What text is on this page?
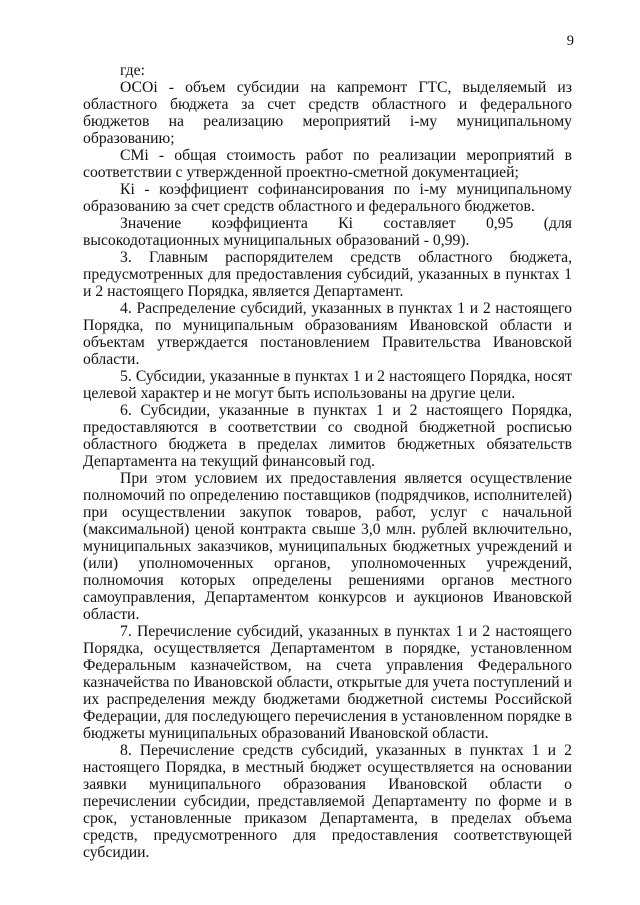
9

где:

ОСОi - объем субсидии на капремонт ГТС, выделяемый из областного бюджета за счет средств областного и федерального бюджетов на реализацию мероприятий i-му муниципальному образованию;

СМi - общая стоимость работ по реализации мероприятий в соответствии с утвержденной проектно-сметной документацией;

Кi - коэффициент софинансирования по i-му муниципальному образованию за счет средств областного и федерального бюджетов.

Значение коэффициента Кi составляет 0,95 (для высокодотационных муниципальных образований - 0,99).

3. Главным распорядителем средств областного бюджета, предусмотренных для предоставления субсидий, указанных в пунктах 1 и 2 настоящего Порядка, является Департамент.

4. Распределение субсидий, указанных в пунктах 1 и 2 настоящего Порядка, по муниципальным образованиям Ивановской области и объектам утверждается постановлением Правительства Ивановской области.

5. Субсидии, указанные в пунктах 1 и 2 настоящего Порядка, носят целевой характер и не могут быть использованы на другие цели.

6. Субсидии, указанные в пунктах 1 и 2 настоящего Порядка, предоставляются в соответствии со сводной бюджетной росписью областного бюджета в пределах лимитов бюджетных обязательств Департамента на текущий финансовый год.

При этом условием их предоставления является осуществление полномочий по определению поставщиков (подрядчиков, исполнителей) при осуществлении закупок товаров, работ, услуг с начальной (максимальной) ценой контракта свыше 3,0 млн. рублей включительно, муниципальных заказчиков, муниципальных бюджетных учреждений и (или) уполномоченных органов, уполномоченных учреждений, полномочия которых определены решениями органов местного самоуправления, Департаментом конкурсов и аукционов Ивановской области.

7. Перечисление субсидий, указанных в пунктах 1 и 2 настоящего Порядка, осуществляется Департаментом в порядке, установленном Федеральным казначейством, на счета управления Федерального казначейства по Ивановской области, открытые для учета поступлений и их распределения между бюджетами бюджетной системы Российской Федерации, для последующего перечисления в установленном порядке в бюджеты муниципальных образований Ивановской области.

8. Перечисление средств субсидий, указанных в пунктах 1 и 2 настоящего Порядка, в местный бюджет осуществляется на основании заявки муниципального образования Ивановской области о перечислении субсидии, представляемой Департаменту по форме и в срок, установленные приказом Департамента, в пределах объема средств, предусмотренного для предоставления соответствующей субсидии.
